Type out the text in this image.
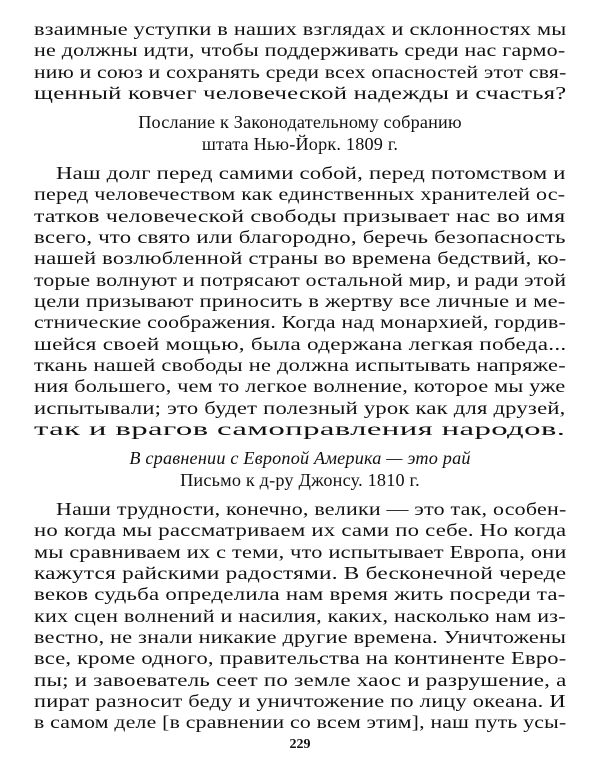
взаимные уступки в наших взглядах и склонностях мы
не должны идти, чтобы поддерживать среди нас гармо-
нию и союз и сохранять среди всех опасностей этот свя-
щенный ковчег человеческой надежды и счастья?
Послание к Законодательному собранию
штата Нью-Йорк. 1809 г.
Наш долг перед самими собой, перед потомством и
перед человечеством как единственных хранителей ос-
татков человеческой свободы призывает нас во имя
всего, что свято или благородно, беречь безопасность
нашей возлюбленной страны во времена бедствий, ко-
торые волнуют и потрясают остальной мир, и ради этой
цели призывают приносить в жертву все личные и ме-
стнические соображения. Когда над монархией, гордив-
шейся своей мощью, была одержана легкая победа...
ткань нашей свободы не должна испытывать напряже-
ния большего, чем то легкое волнение, которое мы уже
испытывали; это будет полезный урок как для друзей,
так и врагов самоправления народов.
В сравнении с Европой Америка — это рай
Письмо к д-ру Джонсу. 1810 г.
Наши трудности, конечно, велики — это так, особен-
но когда мы рассматриваем их сами по себе. Но когда
мы сравниваем их с теми, что испытывает Европа, они
кажутся райскими радостями. В бесконечной череде
веков судьба определила нам время жить посреди та-
ких сцен волнений и насилия, каких, насколько нам из-
вестно, не знали никакие другие времена. Уничтожены
все, кроме одного, правительства на континенте Евро-
пы; и завоеватель сеет по земле хаос и разрушение, а
пират разносит беду и уничтожение по лицу океана. И
в самом деле [в сравнении со всем этим], наш путь усы-
229
